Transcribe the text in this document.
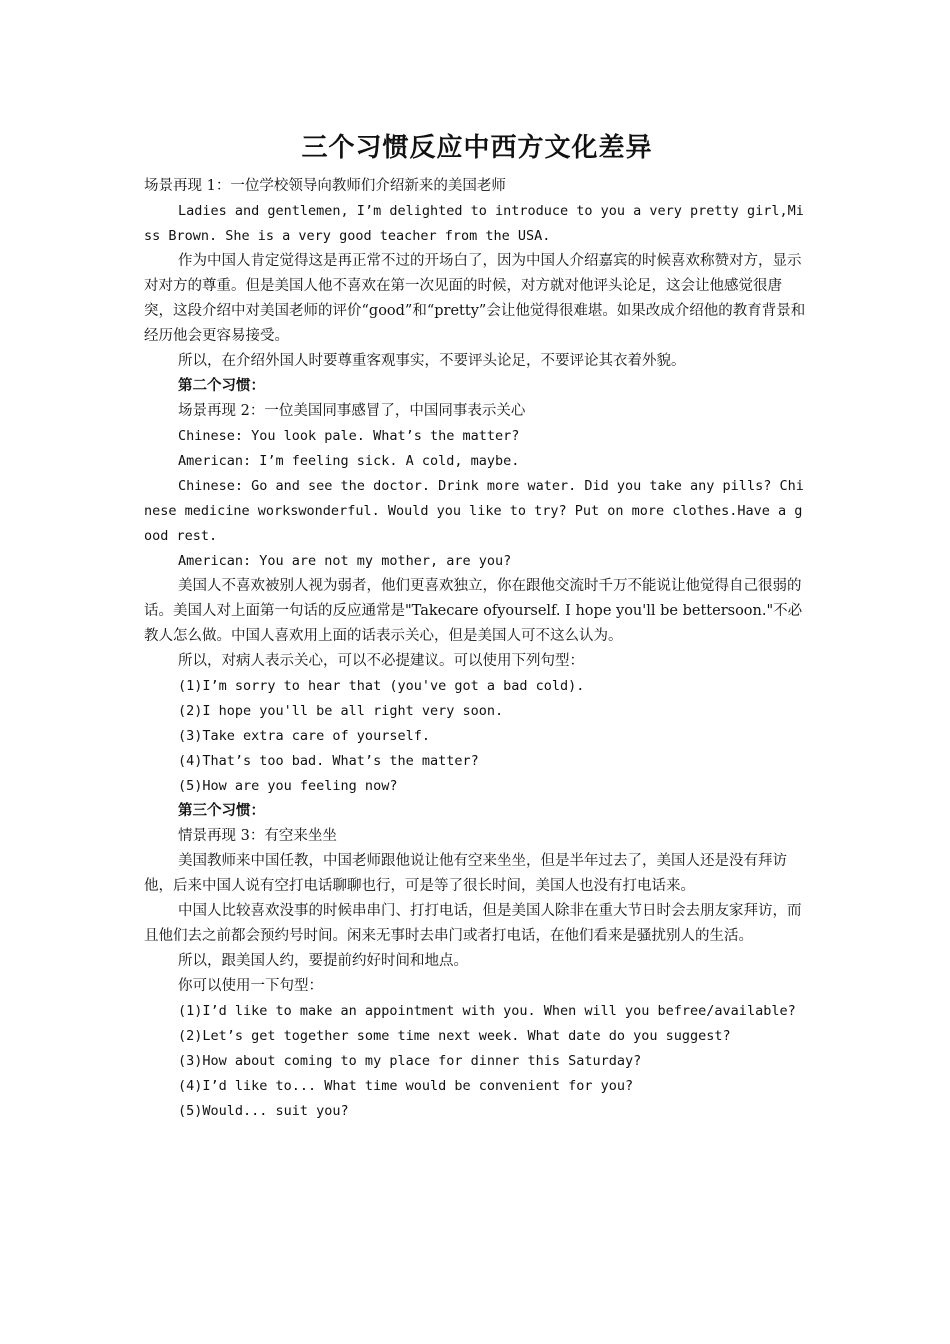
三个习惯反应中西方文化差异

场景再现 1：一位学校领导向教师们介绍新来的美国老师

Ladies and gentlemen, I’m delighted to introduce to you a very pretty girl,Miss Brown. She is a very good teacher from the USA.

作为中国人肯定觉得这是再正常不过的开场白了，因为中国人介绍嘉宾的时候喜欢称赞对方，显示对对方的尊重。但是美国人他不喜欢在第一次见面的时候，对方就对他评头论足，这会让他感觉很唐突，这段介绍中对美国老师的评价“good”和“pretty”会让他觉得很难堪。如果改成介绍他的教育背景和经历他会更容易接受。

所以，在介绍外国人时要尊重客观事实，不要评头论足，不要评论其衣着外貌。

第二个习惯：

场景再现 2：一位美国同事感冒了，中国同事表示关心

Chinese: You look pale. What’s the matter?

American: I’m feeling sick. A cold, maybe.

Chinese: Go and see the doctor. Drink more water. Did you take any pills? Chinese medicine workswonderful. Would you like to try? Put on more clothes.Have a good rest.

American: You are not my mother, are you?

美国人不喜欢被别人视为弱者，他们更喜欢独立，你在跟他交流时千万不能说让他觉得自己很弱的话。美国人对上面第一句话的反应通常是"Takecare ofyourself. I hope you'll be bettersoon."不必教人怎么做。中国人喜欢用上面的话表示关心，但是美国人可不这么认为。

所以，对病人表示关心，可以不必提建议。可以使用下列句型：

(1)I’m sorry to hear that (you've got a bad cold).

(2)I hope you'll be all right very soon.

(3)Take extra care of yourself.

(4)That’s too bad. What’s the matter?

(5)How are you feeling now?

第三个习惯：

情景再现 3：有空来坐坐

美国教师来中国任教，中国老师跟他说让他有空来坐坐，但是半年过去了，美国人还是没有拜访他，后来中国人说有空打电话聊聊也行，可是等了很长时间，美国人也没有打电话来。

中国人比较喜欢没事的时候串串门、打打电话，但是美国人除非在重大节日时会去朋友家拜访，而且他们去之前都会预约号时间。闲来无事时去串门或者打电话，在他们看来是骚扰别人的生活。

所以，跟美国人约，要提前约好时间和地点。

你可以使用一下句型：

(1)I’d like to make an appointment with you. When will you befree/available?

(2)Let’s get together some time next week. What date do you suggest?

(3)How about coming to my place for dinner this Saturday?

(4)I’d like to... What time would be convenient for you?

(5)Would... suit you?
